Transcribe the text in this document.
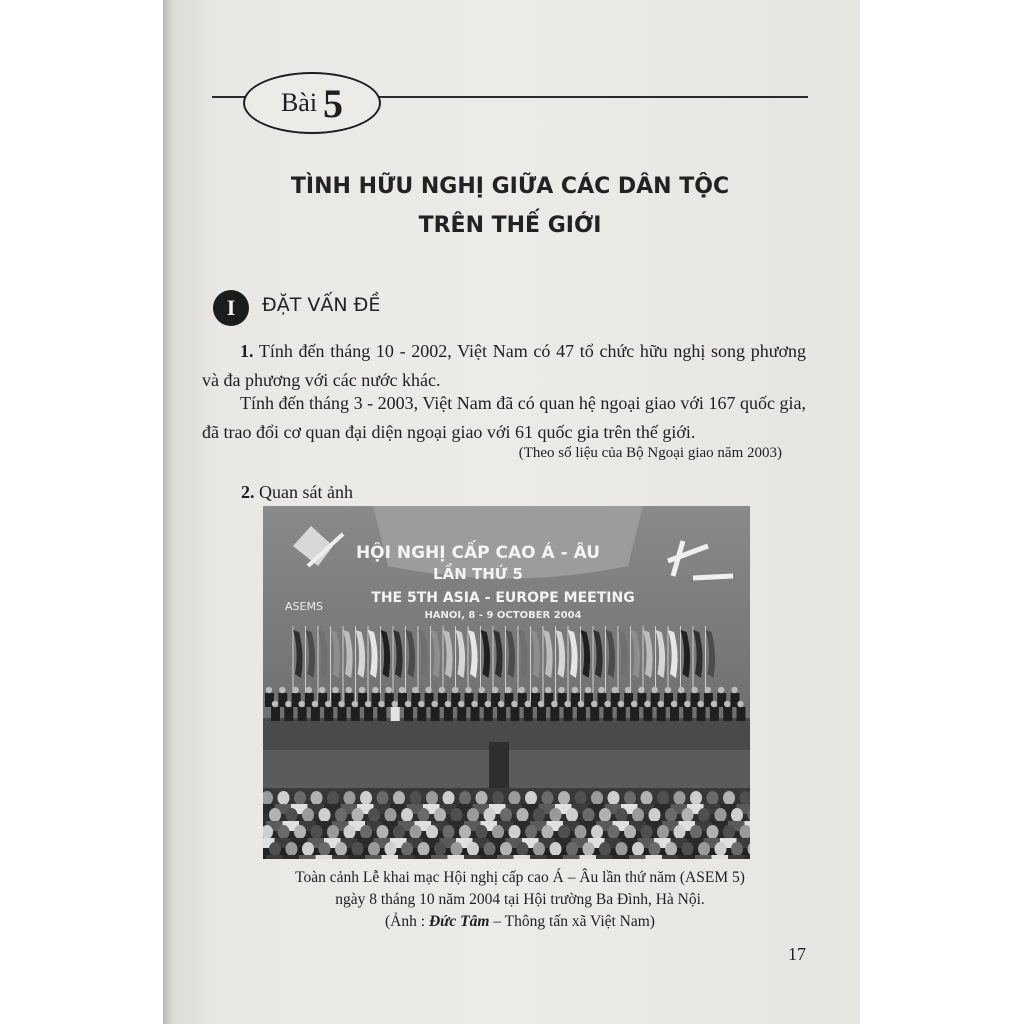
Bài 5
TÌNH HỮU NGHỊ GIỮA CÁC DÂN TỘC
TRÊN THẾ GIỚI
I	ĐẶT VẤN ĐỀ
1. Tính đến tháng 10 - 2002, Việt Nam có 47 tổ chức hữu nghị song phương và đa phương với các nước khác.
Tính đến tháng 3 - 2003, Việt Nam đã có quan hệ ngoại giao với 167 quốc gia, đã trao đổi cơ quan đại diện ngoại giao với 61 quốc gia trên thế giới.
(Theo số liệu của Bộ Ngoại giao năm 2003)
2. Quan sát ảnh
ASEMS
HỘI NGHỊ CẤP CAO Á - ÂU
LẦN THỨ 5
THE 5TH ASIA - EUROPE MEETING
HANOI, 8 - 9 OCTOBER 2004
Toàn cảnh Lễ khai mạc Hội nghị cấp cao Á – Âu lần thứ năm (ASEM 5)
ngày 8 tháng 10 năm 2004 tại Hội trường Ba Đình, Hà Nội.
(Ảnh : Đức Tâm – Thông tấn xã Việt Nam)
17
